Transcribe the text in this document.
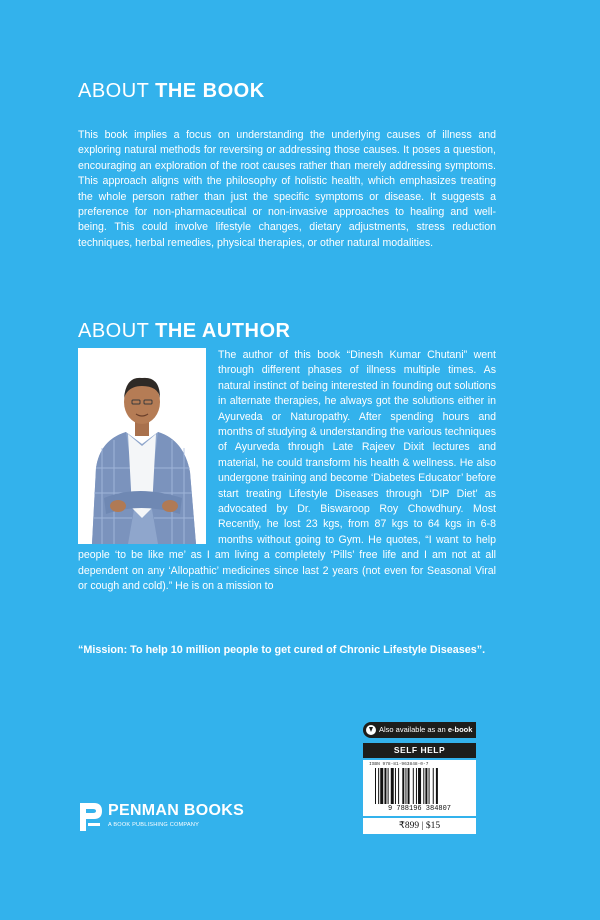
ABOUT THE BOOK

This book implies a focus on understanding the underlying causes of illness and exploring natural methods for reversing or addressing those causes. It poses a question, encouraging an exploration of the root causes rather than merely addressing symptoms. This approach aligns with the philosophy of holistic health, which emphasizes treating the whole person rather than just the specific symptoms or disease. It suggests a preference for non-pharmaceutical or non-invasive approaches to healing and well-being. This could involve lifestyle changes, dietary adjustments, stress reduction techniques, herbal remedies, physical therapies, or other natural modalities.

ABOUT THE AUTHOR

The author of this book “Dinesh Kumar Chutani” went through different phases of illness multiple times. As natural instinct of being interested in founding out solutions in alternate therapies, he always got the solutions either in Ayurveda or Naturopathy. After spending hours and months of studying & understanding the various techniques of Ayurveda through Late Rajeev Dixit lectures and material, he could transform his health & wellness. He also undergone training and become ‘Diabetes Educator’ before start treating Lifestyle Diseases through ‘DIP Diet’ as advocated by Dr. Biswaroop Roy Chowdhury. Most Recently, he lost 23 kgs, from 87 kgs to 64 kgs in 6-8 months without going to Gym. He quotes, “I want to help people ‘to be like me’ as I am living a completely ‘Pills’ free life and I am not at all dependent on any ‘Allopathic’ medicines since last 2 years (not even for Seasonal Viral or cough and cold).” He is on a mission to

“Mission: To help 10 million people to get cured of Chronic Lifestyle Diseases”.

Also available as an e-book
SELF HELP
ISBN 978-81-963848-0-7
9 788196 384807
₹899 | $15
PENMAN BOOKS
A BOOK PUBLISHING COMPANY
